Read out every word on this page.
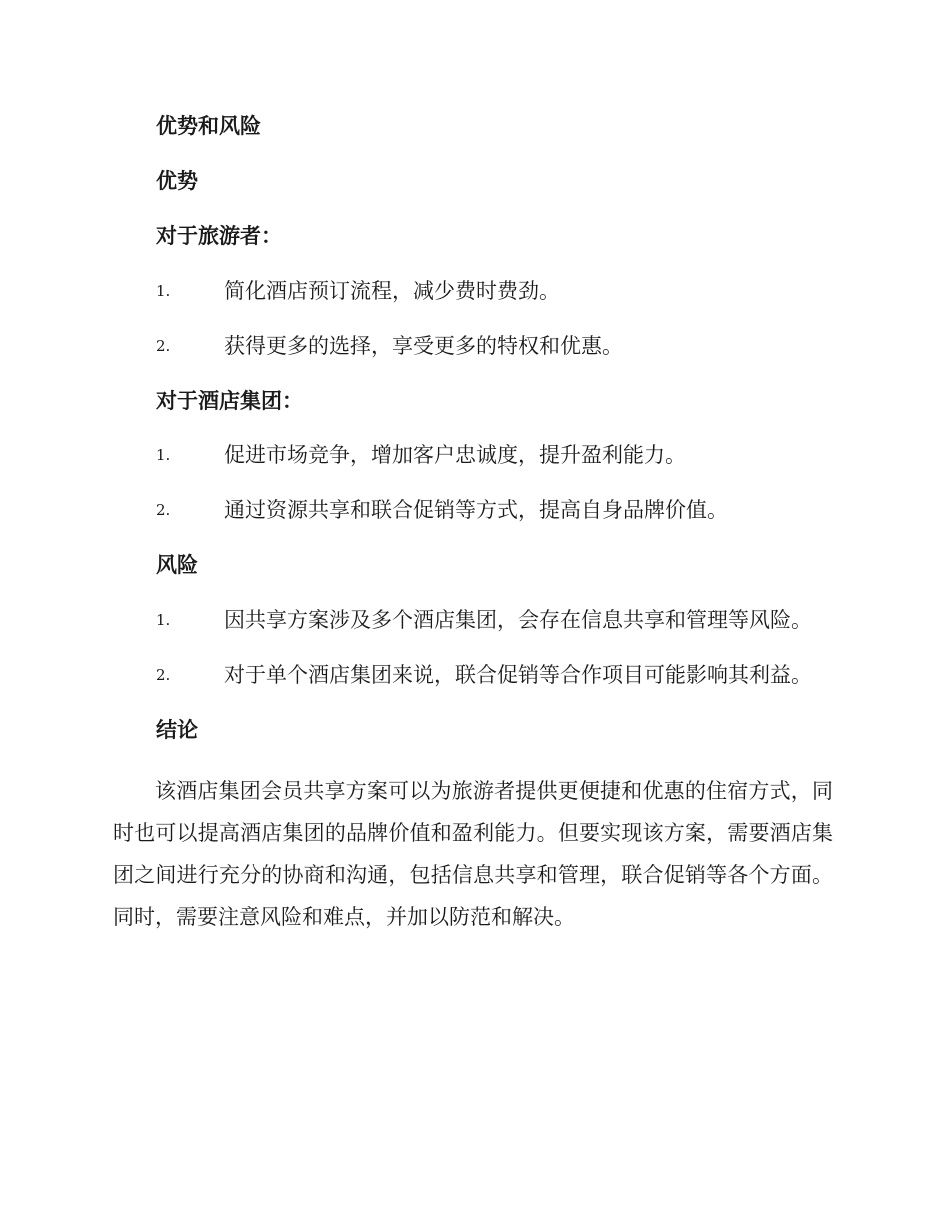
优势和风险
优势
对于旅游者：
1.	简化酒店预订流程，减少费时费劲。
2.	获得更多的选择，享受更多的特权和优惠。
对于酒店集团：
1.	促进市场竞争，增加客户忠诚度，提升盈利能力。
2.	通过资源共享和联合促销等方式，提高自身品牌价值。
风险
1.	因共享方案涉及多个酒店集团，会存在信息共享和管理等风险。
2.	对于单个酒店集团来说，联合促销等合作项目可能影响其利益。
结论

该酒店集团会员共享方案可以为旅游者提供更便捷和优惠的住宿方式，同时也可以提高酒店集团的品牌价值和盈利能力。但要实现该方案，需要酒店集团之间进行充分的协商和沟通，包括信息共享和管理，联合促销等各个方面。同时，需要注意风险和难点，并加以防范和解决。
